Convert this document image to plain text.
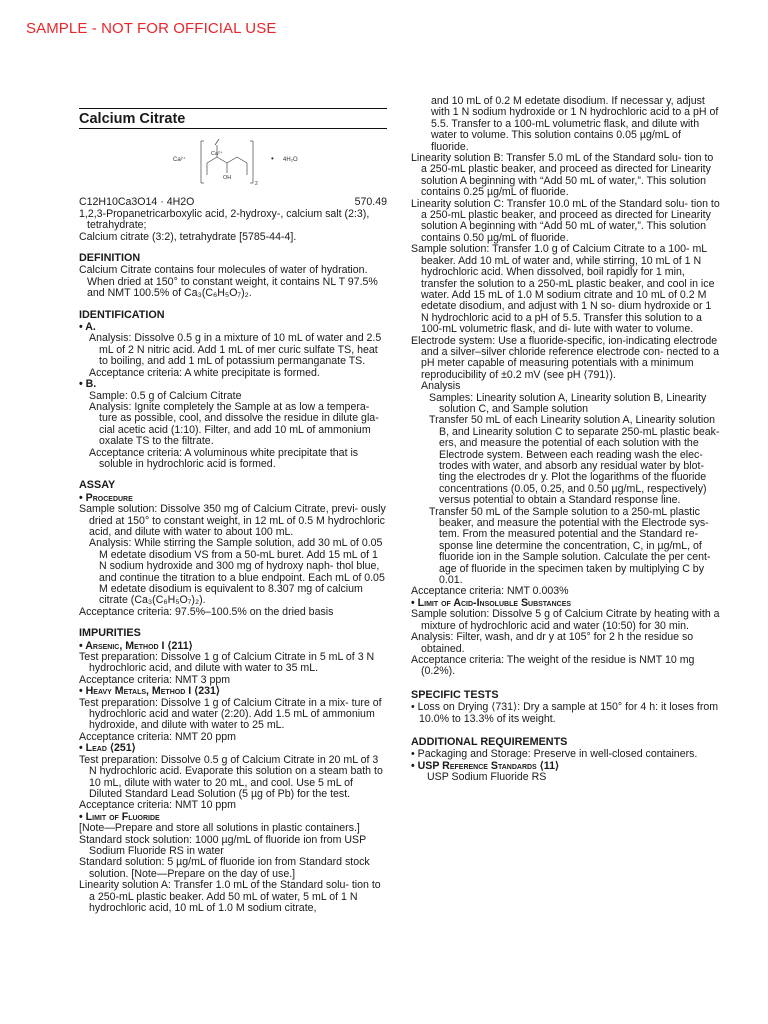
SAMPLE - NOT FOR OFFICIAL USE
Calcium Citrate
Ca²⁺
Ca²⁺
OH
2
• 4H₂O
C12H10Ca3O14 · 4H2O	570.49

1,2,3-Propanetricarboxylic acid, 2-hydroxy-, calcium salt (2:3),

tetrahydrate;

Calcium citrate (3:2), tetrahydrate [5785-44-4].

DEFINITION

Calcium Citrate contains four molecules of water of hydration. When dried at 150° to constant weight, it contains NL T 97.5% and NMT 100.5% of Ca₃(C₆H₅O₇)₂.

IDENTIFICATION

• A.

Analysis: Dissolve 0.5 g in a mixture of 10 mL of water and 2.5 mL of 2 N nitric acid. Add 1 mL of mer curic sulfate TS, heat to boiling, and add 1 mL of potassium permanganate TS.

Acceptance criteria: A white precipitate is formed.

• B.

Sample: 0.5 g of Calcium Citrate

Analysis: Ignite completely the Sample at as low a tempera- ture as possible, cool, and dissolve the residue in dilute gla- cial acetic acid (1:10). Filter, and add 10 mL of ammonium oxalate TS to the filtrate.

Acceptance criteria: A voluminous white precipitate that is soluble in hydrochloric acid is formed.

ASSAY

• Procedure

Sample solution: Dissolve 350 mg of Calcium Citrate, previ- ously dried at 150° to constant weight, in 12 mL of 0.5 M hydrochloric acid, and dilute with water to about 100 mL.

Analysis: While stirring the Sample solution, add 30 mL of 0.05 M edetate disodium VS from a 50-mL buret. Add 15 mL of 1 N sodium hydroxide and 300 mg of hydroxy naph- thol blue, and continue the titration to a blue endpoint. Each mL of 0.05 M edetate disodium is equivalent to 8.307 mg of calcium citrate (Ca₃(C₆H₅O₇)₂).

Acceptance criteria: 97.5%–100.5% on the dried basis

IMPURITIES

• Arsenic, Method I ⟨211⟩

Test preparation: Dissolve 1 g of Calcium Citrate in 5 mL of 3 N hydrochloric acid, and dilute with water to 35 mL.

Acceptance criteria: NMT 3 ppm

• Heavy Metals, Method I ⟨231⟩

Test preparation: Dissolve 1 g of Calcium Citrate in a mix- ture of hydrochloric acid and water (2:20). Add 1.5 mL of ammonium hydroxide, and dilute with water to 25 mL.

Acceptance criteria: NMT 20 ppm

• Lead ⟨251⟩

Test preparation: Dissolve 0.5 g of Calcium Citrate in 20 mL of 3 N hydrochloric acid. Evaporate this solution on a steam bath to 10 mL, dilute with water to 20 mL, and cool. Use 5 mL of Diluted Standard Lead Solution (5 µg of Pb) for the test.

Acceptance criteria: NMT 10 ppm

• Limit of Fluoride

[Note—Prepare and store all solutions in plastic containers.]

Standard stock solution: 1000 µg/mL of fluoride ion from USP Sodium Fluoride RS in water

Standard solution: 5 µg/mL of fluoride ion from Standard stock solution. [Note—Prepare on the day of use.]

Linearity solution A: Transfer 1.0 mL of the Standard solu- tion to a 250-mL plastic beaker. Add 50 mL of water, 5 mL of 1 N hydrochloric acid, 10 mL of 1.0 M sodium citrate,

and 10 mL of 0.2 M edetate disodium. If necessar y, adjust with 1 N sodium hydroxide or 1 N hydrochloric acid to a pH of 5.5. Transfer to a 100-mL volumetric flask, and dilute with water to volume. This solution contains 0.05 µg/mL of fluoride.

Linearity solution B: Transfer 5.0 mL of the Standard solu- tion to a 250-mL plastic beaker, and proceed as directed for Linearity solution A beginning with “Add 50 mL of water,”. This solution contains 0.25 µg/mL of fluoride.

Linearity solution C: Transfer 10.0 mL of the Standard solu- tion to a 250-mL plastic beaker, and proceed as directed for Linearity solution A beginning with “Add 50 mL of water,”. This solution contains 0.50 µg/mL of fluoride.

Sample solution: Transfer 1.0 g of Calcium Citrate to a 100- mL beaker. Add 10 mL of water and, while stirring, 10 mL of 1 N hydrochloric acid. When dissolved, boil rapidly for 1 min, transfer the solution to a 250-mL plastic beaker, and cool in ice water. Add 15 mL of 1.0 M sodium citrate and 10 mL of 0.2 M edetate disodium, and adjust with 1 N so- dium hydroxide or 1 N hydrochloric acid to a pH of 5.5. Transfer this solution to a 100-mL volumetric flask, and di- lute with water to volume.

Electrode system: Use a fluoride-specific, ion-indicating electrode and a silver–silver chloride reference electrode con- nected to a pH meter capable of measuring potentials with a minimum reproducibility of ±0.2 mV (see pH ⟨791⟩).

Analysis

Samples: Linearity solution A, Linearity solution B, Linearity solution C, and Sample solution

Transfer 50 mL of each Linearity solution A, Linearity solution B, and Linearity solution C to separate 250-mL plastic beak- ers, and measure the potential of each solution with the Electrode system. Between each reading wash the elec- trodes with water, and absorb any residual water by blot- ting the electrodes dr y. Plot the logarithms of the fluoride concentrations (0.05, 0.25, and 0.50 µg/mL, respectively) versus potential to obtain a Standard response line.

Transfer 50 mL of the Sample solution to a 250-mL plastic beaker, and measure the potential with the Electrode sys- tem. From the measured potential and the Standard re- sponse line determine the concentration, C, in µg/mL, of fluoride ion in the Sample solution. Calculate the per cent- age of fluoride in the specimen taken by multiplying C by 0.01.

Acceptance criteria: NMT 0.003%

• Limit of Acid-Insoluble Substances

Sample solution: Dissolve 5 g of Calcium Citrate by heating with a mixture of hydrochloric acid and water (10:50) for 30 min.

Analysis: Filter, wash, and dr y at 105° for 2 h the residue so obtained.

Acceptance criteria: The weight of the residue is NMT 10 mg (0.2%).

SPECIFIC TESTS

• Loss on Drying ⟨731⟩: Dry a sample at 150° for 4 h: it loses from 10.0% to 13.3% of its weight.

ADDITIONAL REQUIREMENTS

• Packaging and Storage: Preserve in well-closed containers.

• USP Reference Standards ⟨11⟩

USP Sodium Fluoride RS
